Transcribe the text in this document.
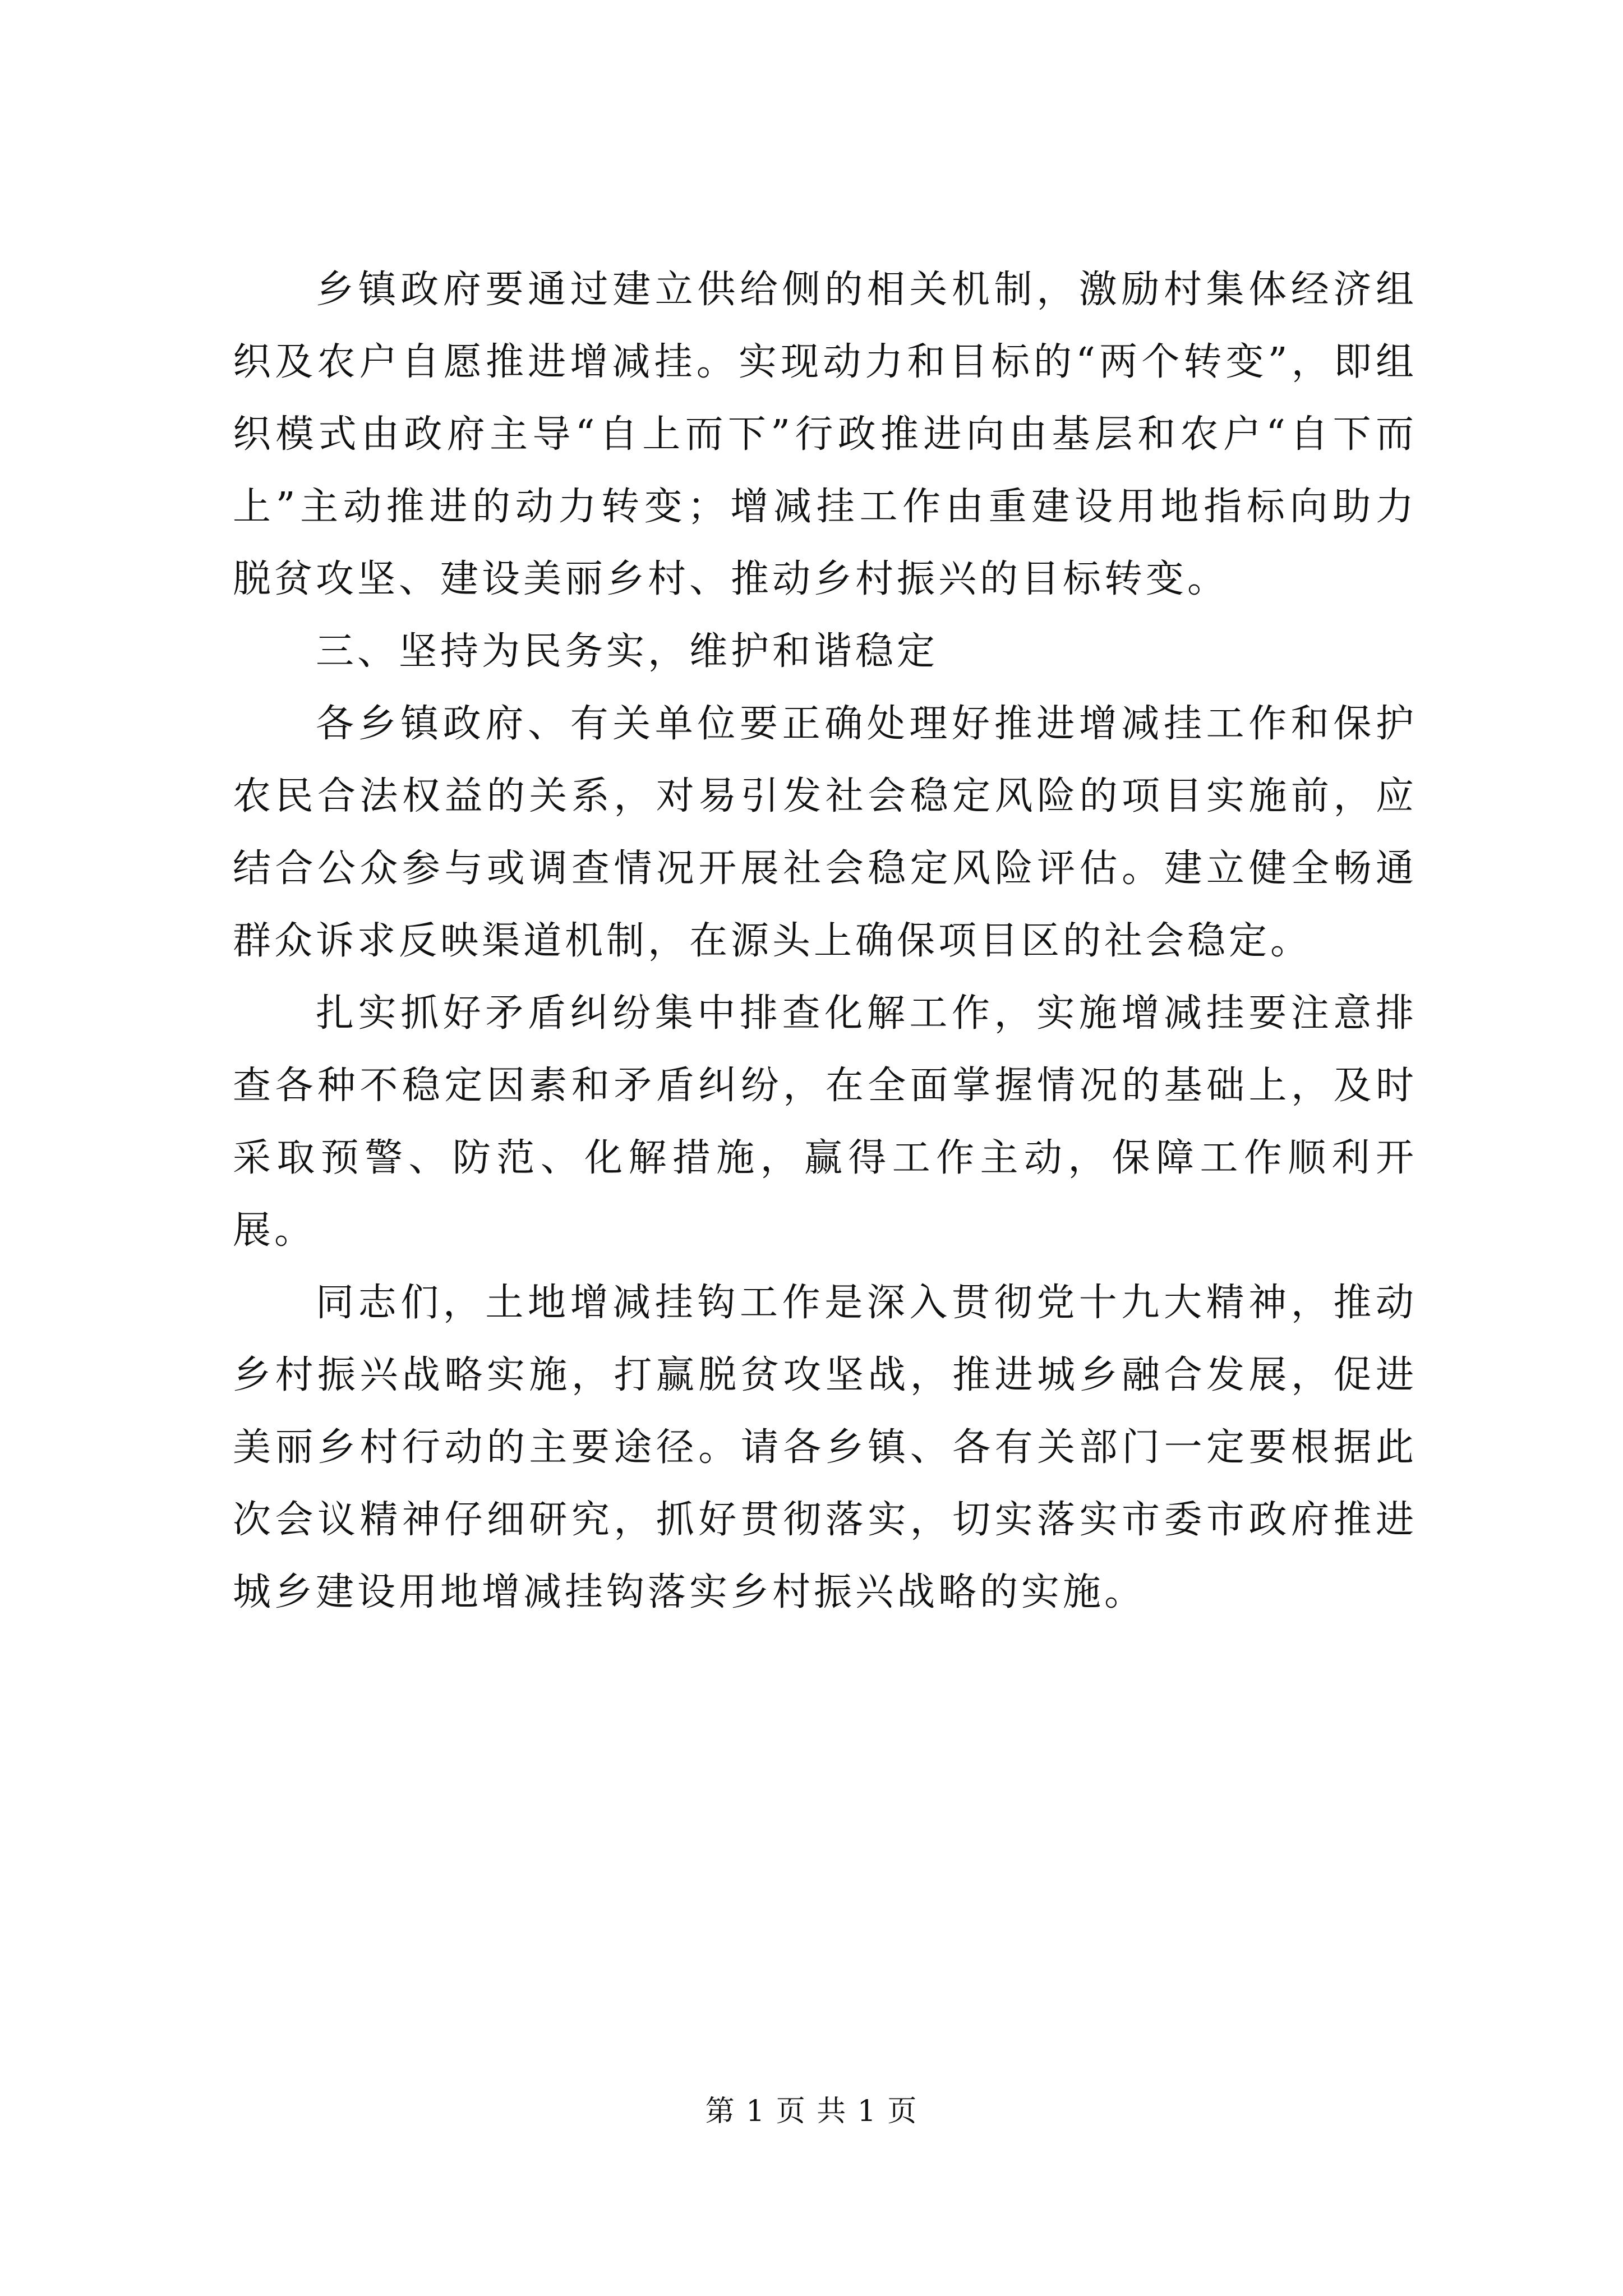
乡镇政府要通过建立供给侧的相关机制，激励村集体经济组织及农户自愿推进增减挂。实现动力和目标的“两个转变”，即组织模式由政府主导“自上而下”行政推进向由基层和农户“自下而上”主动推进的动力转变；增减挂工作由重建设用地指标向助力脱贫攻坚、建设美丽乡村、推动乡村振兴的目标转变。

三、坚持为民务实，维护和谐稳定

各乡镇政府、有关单位要正确处理好推进增减挂工作和保护农民合法权益的关系，对易引发社会稳定风险的项目实施前，应结合公众参与或调查情况开展社会稳定风险评估。建立健全畅通群众诉求反映渠道机制，在源头上确保项目区的社会稳定。

扎实抓好矛盾纠纷集中排查化解工作，实施增减挂要注意排查各种不稳定因素和矛盾纠纷，在全面掌握情况的基础上，及时采取预警、防范、化解措施，赢得工作主动，保障工作顺利开展。

同志们，土地增减挂钩工作是深入贯彻党十九大精神，推动乡村振兴战略实施，打赢脱贫攻坚战，推进城乡融合发展，促进美丽乡村行动的主要途径。请各乡镇、各有关部门一定要根据此次会议精神仔细研究，抓好贯彻落实，切实落实市委市政府推进城乡建设用地增减挂钩落实乡村振兴战略的实施。

第 1 页 共 1 页
